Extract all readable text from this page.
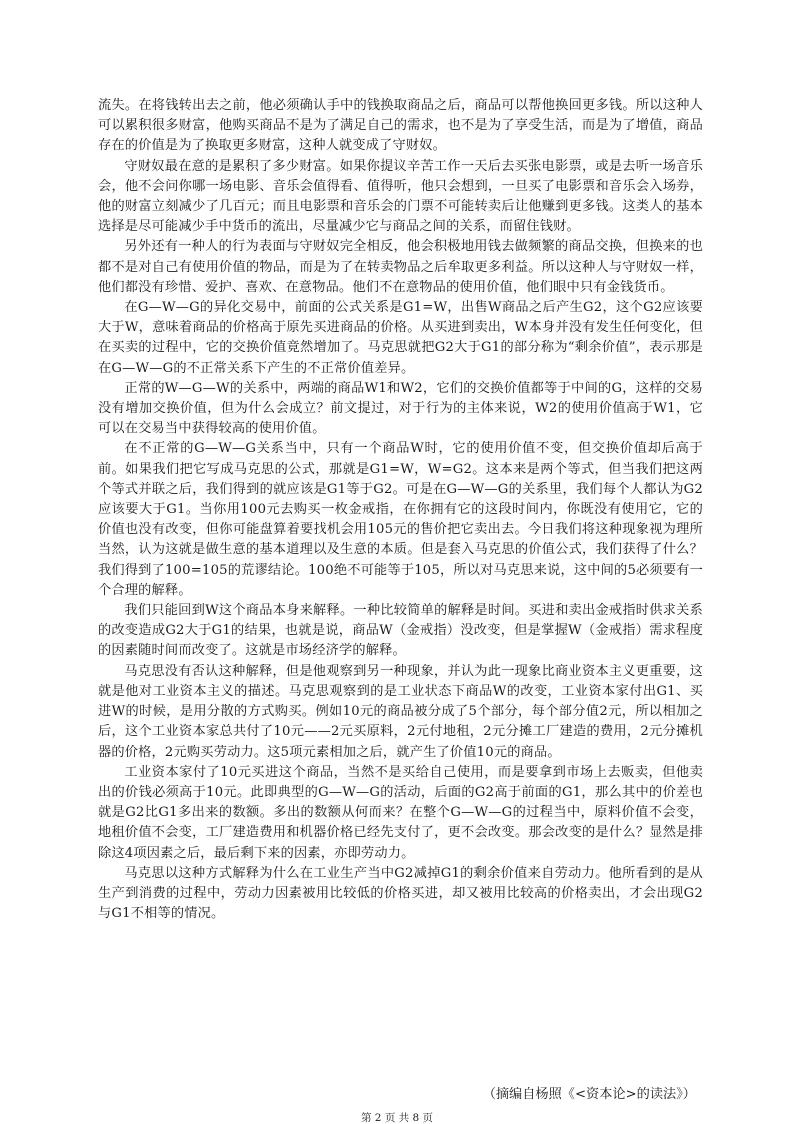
流失。在将钱转出去之前，他必须确认手中的钱换取商品之后，商品可以帮他换回更多钱。所以这种人可以累积很多财富，他购买商品不是为了满足自己的需求，也不是为了享受生活，而是为了增值，商品存在的价值是为了换取更多财富，这种人就变成了守财奴。

守财奴最在意的是累积了多少财富。如果你提议辛苦工作一天后去买张电影票，或是去听一场音乐会，他不会问你哪一场电影、音乐会值得看、值得听，他只会想到，一旦买了电影票和音乐会入场券，他的财富立刻减少了几百元；而且电影票和音乐会的门票不可能转卖后让他赚到更多钱。这类人的基本选择是尽可能减少手中货币的流出，尽量减少它与商品之间的关系，而留住钱财。

另外还有一种人的行为表面与守财奴完全相反，他会积极地用钱去做频繁的商品交换，但换来的也都不是对自己有使用价值的物品，而是为了在转卖物品之后牟取更多利益。所以这种人与守财奴一样，他们都没有珍惜、爱护、喜欢、在意物品。他们不在意物品的使用价值，他们眼中只有金钱货币。

在G—W—G的异化交易中，前面的公式关系是G1=W，出售W商品之后产生G2，这个G2应该要大于W，意味着商品的价格高于原先买进商品的价格。从买进到卖出，W本身并没有发生任何变化，但在买卖的过程中，它的交换价值竟然增加了。马克思就把G2大于G1的部分称为“剩余价值”，表示那是在G—W—G的不正常关系下产生的不正常价值差异。

正常的W—G—W的关系中，两端的商品W1和W2，它们的交换价值都等于中间的G，这样的交易没有增加交换价值，但为什么会成立？前文提过，对于行为的主体来说，W2的使用价值高于W1，它可以在交易当中获得较高的使用价值。

在不正常的G—W—G关系当中，只有一个商品W时，它的使用价值不变，但交换价值却后高于前。如果我们把它写成马克思的公式，那就是G1=W，W=G2。这本来是两个等式，但当我们把这两个等式并联之后，我们得到的就应该是G1等于G2。可是在G—W—G的关系里，我们每个人都认为G2应该要大于G1。当你用100元去购买一枚金戒指，在你拥有它的这段时间内，你既没有使用它，它的价值也没有改变，但你可能盘算着要找机会用105元的售价把它卖出去。今日我们将这种现象视为理所当然，认为这就是做生意的基本道理以及生意的本质。但是套入马克思的价值公式，我们获得了什么？我们得到了100=105的荒谬结论。100绝不可能等于105，所以对马克思来说，这中间的5必须要有一个合理的解释。

我们只能回到W这个商品本身来解释。一种比较简单的解释是时间。买进和卖出金戒指时供求关系的改变造成G2大于G1的结果，也就是说，商品W（金戒指）没改变，但是掌握W（金戒指）需求程度的因素随时间而改变了。这就是市场经济学的解释。

马克思没有否认这种解释，但是他观察到另一种现象，并认为此一现象比商业资本主义更重要，这就是他对工业资本主义的描述。马克思观察到的是工业状态下商品W的改变，工业资本家付出G1、买进W的时候，是用分散的方式购买。例如10元的商品被分成了5个部分，每个部分值2元，所以相加之后，这个工业资本家总共付了10元——2元买原料，2元付地租，2元分摊工厂建造的费用，2元分摊机器的价格，2元购买劳动力。这5项元素相加之后，就产生了价值10元的商品。

工业资本家付了10元买进这个商品，当然不是买给自己使用，而是要拿到市场上去贩卖，但他卖出的价钱必须高于10元。此即典型的G—W—G的活动，后面的G2高于前面的G1，那么其中的价差也就是G2比G1多出来的数额。多出的数额从何而来？在整个G—W—G的过程当中，原料价值不会变，地租价值不会变，工厂建造费用和机器价格已经先支付了，更不会改变。那会改变的是什么？显然是排除这4项因素之后，最后剩下来的因素，亦即劳动力。

马克思以这种方式解释为什么在工业生产当中G2减掉G1的剩余价值来自劳动力。他所看到的是从生产到消费的过程中，劳动力因素被用比较低的价格买进，却又被用比较高的价格卖出，才会出现G2与G1不相等的情况。

（摘编自杨照《<资本论>的读法》）
第 2 页 共 8 页
